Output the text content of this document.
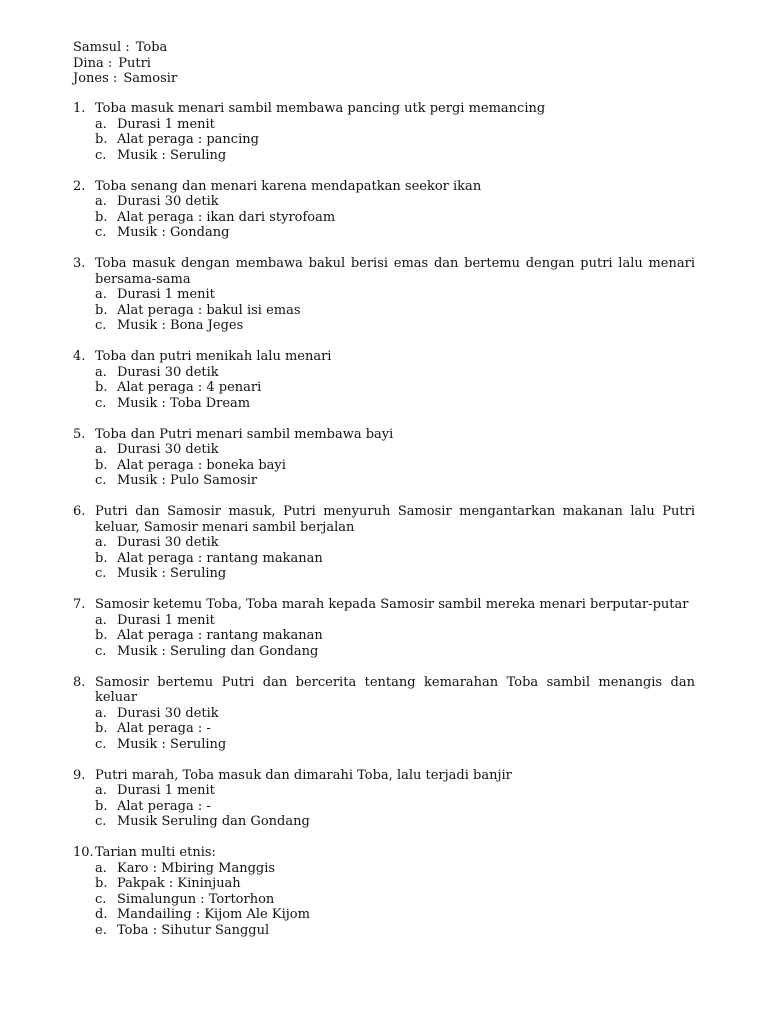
Samsul : Toba
Dina : Putri
Jones : Samosir
1. Toba masuk menari sambil membawa pancing utk pergi memancing
a. Durasi 1 menit
b. Alat peraga : pancing
c. Musik : Seruling
2. Toba senang dan menari karena mendapatkan seekor ikan
a. Durasi 30 detik
b. Alat peraga : ikan dari styrofoam
c. Musik : Gondang
3. Toba masuk dengan membawa bakul berisi emas dan bertemu dengan putri lalu menari bersama-sama
a. Durasi 1 menit
b. Alat peraga : bakul isi emas
c. Musik : Bona Jeges
4. Toba dan putri menikah lalu menari
a. Durasi 30 detik
b. Alat peraga : 4 penari
c. Musik : Toba Dream
5. Toba dan Putri menari sambil membawa bayi
a. Durasi 30 detik
b. Alat peraga : boneka bayi
c. Musik : Pulo Samosir
6. Putri dan Samosir masuk, Putri menyuruh Samosir mengantarkan makanan lalu Putri keluar, Samosir menari sambil berjalan
a. Durasi 30 detik
b. Alat peraga : rantang makanan
c. Musik : Seruling
7. Samosir ketemu Toba, Toba marah kepada Samosir sambil mereka menari berputar-putar
a. Durasi 1 menit
b. Alat peraga : rantang makanan
c. Musik : Seruling dan Gondang
8. Samosir bertemu Putri dan bercerita tentang kemarahan Toba sambil menangis dan keluar
a. Durasi 30 detik
b. Alat peraga : -
c. Musik : Seruling
9. Putri marah, Toba masuk dan dimarahi Toba, lalu terjadi banjir
a. Durasi 1 menit
b. Alat peraga : -
c. Musik Seruling dan Gondang
10. Tarian multi etnis:
a. Karo : Mbiring Manggis
b. Pakpak : Kininjuah
c. Simalungun : Tortorhon
d. Mandailing : Kijom Ale Kijom
e. Toba : Sihutur Sanggul
